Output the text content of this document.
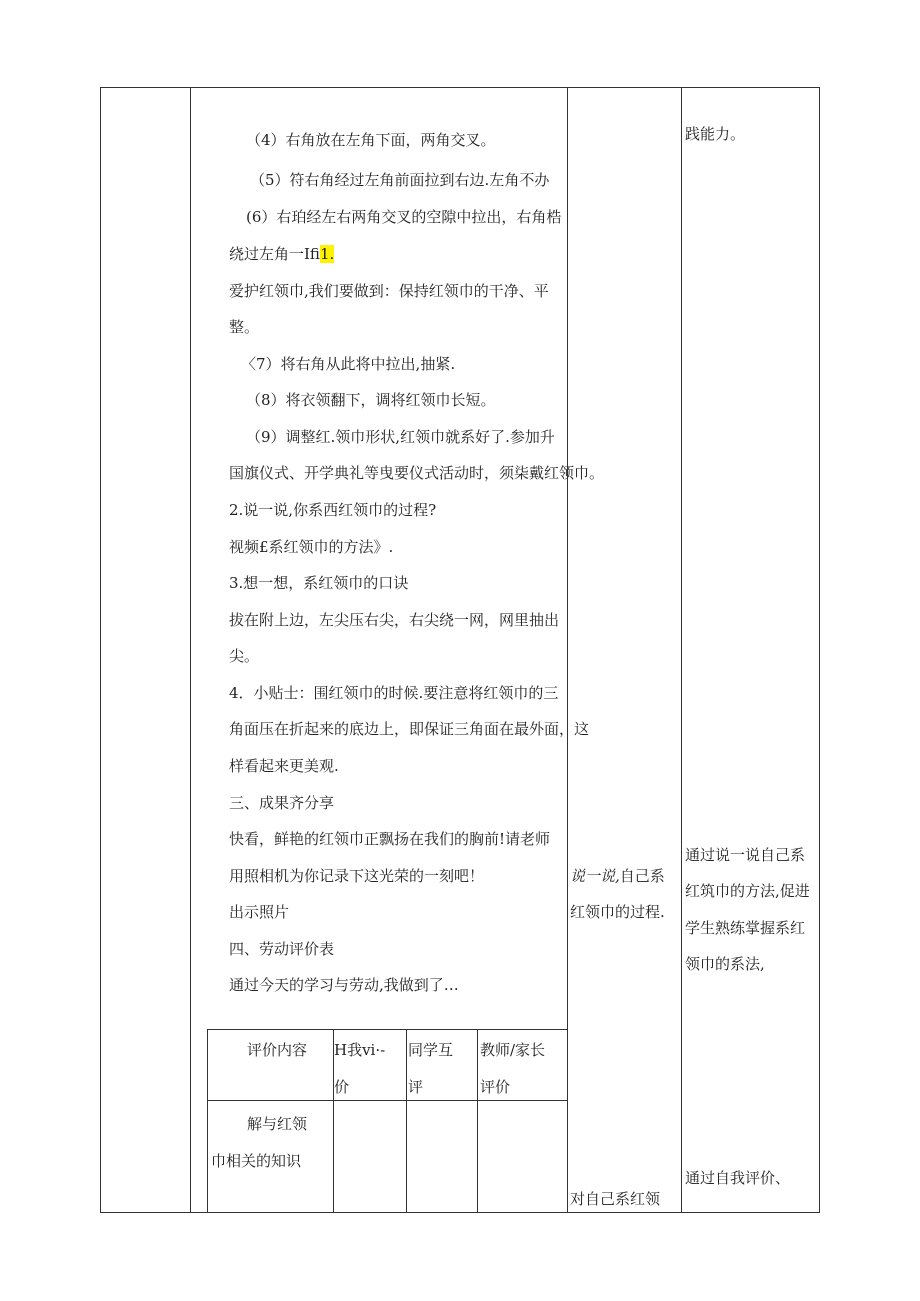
（4）右角放在左角下面，两角交叉。
（5）符右角经过左角前面拉到右边.左角不办
(6）右珀经左右两角交叉的空隙中拉出，右角梏
绕过左角一Ifi1.
爱护红领巾,我们要做到：保持红领巾的干净、平
整。
〈7）将右角从此将中拉出,抽紧.
（8）将衣领翻下，调将红领巾长短。
（9）调整红.领巾形状,红领巾就系好了.参加升
国旗仪式、开学典礼等曳要仪式活动时，须柒戴红领巾。
2.说一说,你系西红领巾的过程?
视频£系红领巾的方法》.
3.想一想，系红领巾的口诀
拔在附上边，左尖压右尖，右尖绕一网，网里抽出
尖。
4．小贴士：围红领巾的时候.要注意将红领巾的三
角面压在折起来的底边上，即保证三角面在最外面，这
样看起来更美观.
三、成果齐分享
快看，鲜艳的红领巾正飘扬在我们的胸前!请老师
用照相机为你记录下这光荣的一刻吧！
出示照片
四、劳动评价表
通过今天的学习与劳动,我做到了…
评价内容 H我vi·-
价
同学互
评
教师/家长
评价
解与红领
巾相关的知识
说一说,自己系
红领巾的过程.
对自己系红领
践能力。
通过说一说自己系
红筑巾的方法,促进
学生熟练掌握系红
领巾的系法,
通过自我评价、
